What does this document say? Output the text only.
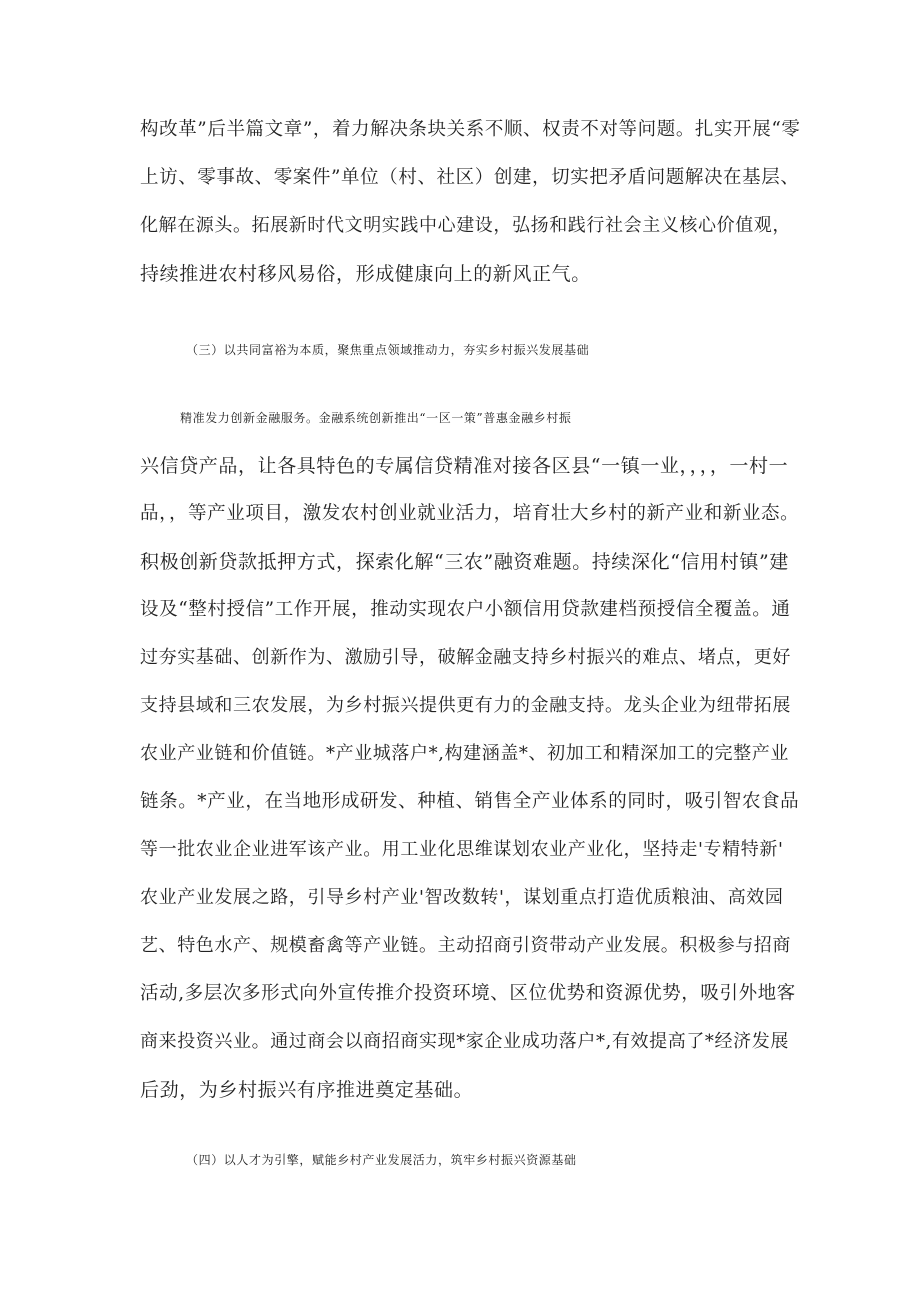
构改革”后半篇文章”，着力解决条块关系不顺、权责不对等问题。扎实开展“零
上访、零事故、零案件”单位（村、社区）创建，切实把矛盾问题解决在基层、
化解在源头。拓展新时代文明实践中心建设，弘扬和践行社会主义核心价值观，
持续推进农村移风易俗，形成健康向上的新风正气。
（三）以共同富裕为本质，聚焦重点领域推动力，夯实乡村振兴发展基础
精准发力创新金融服务。金融系统创新推出“一区一策”普惠金融乡村振
兴信贷产品，让各具特色的专属信贷精准对接各区县“一镇一业，，，，一村一
品，，等产业项目，激发农村创业就业活力，培育壮大乡村的新产业和新业态。
积极创新贷款抵押方式，探索化解“三农”融资难题。持续深化“信用村镇”建
设及“整村授信”工作开展，推动实现农户小额信用贷款建档预授信全覆盖。通
过夯实基础、创新作为、激励引导，破解金融支持乡村振兴的难点、堵点，更好
支持县域和三农发展，为乡村振兴提供更有力的金融支持。龙头企业为纽带拓展
农业产业链和价值链。*产业城落户*,构建涵盖*、初加工和精深加工的完整产业
链条。*产业，在当地形成研发、种植、销售全产业体系的同时，吸引智农食品
等一批农业企业进军该产业。用工业化思维谋划农业产业化，坚持走'专精特新'
农业产业发展之路，引导乡村产业'智改数转'，谋划重点打造优质粮油、高效园
艺、特色水产、规模畜禽等产业链。主动招商引资带动产业发展。积极参与招商
活动,多层次多形式向外宣传推介投资环境、区位优势和资源优势，吸引外地客
商来投资兴业。通过商会以商招商实现*家企业成功落户*,有效提高了*经济发展
后劲，为乡村振兴有序推进奠定基础。
（四）以人才为引擎，赋能乡村产业发展活力，筑牢乡村振兴资源基础
